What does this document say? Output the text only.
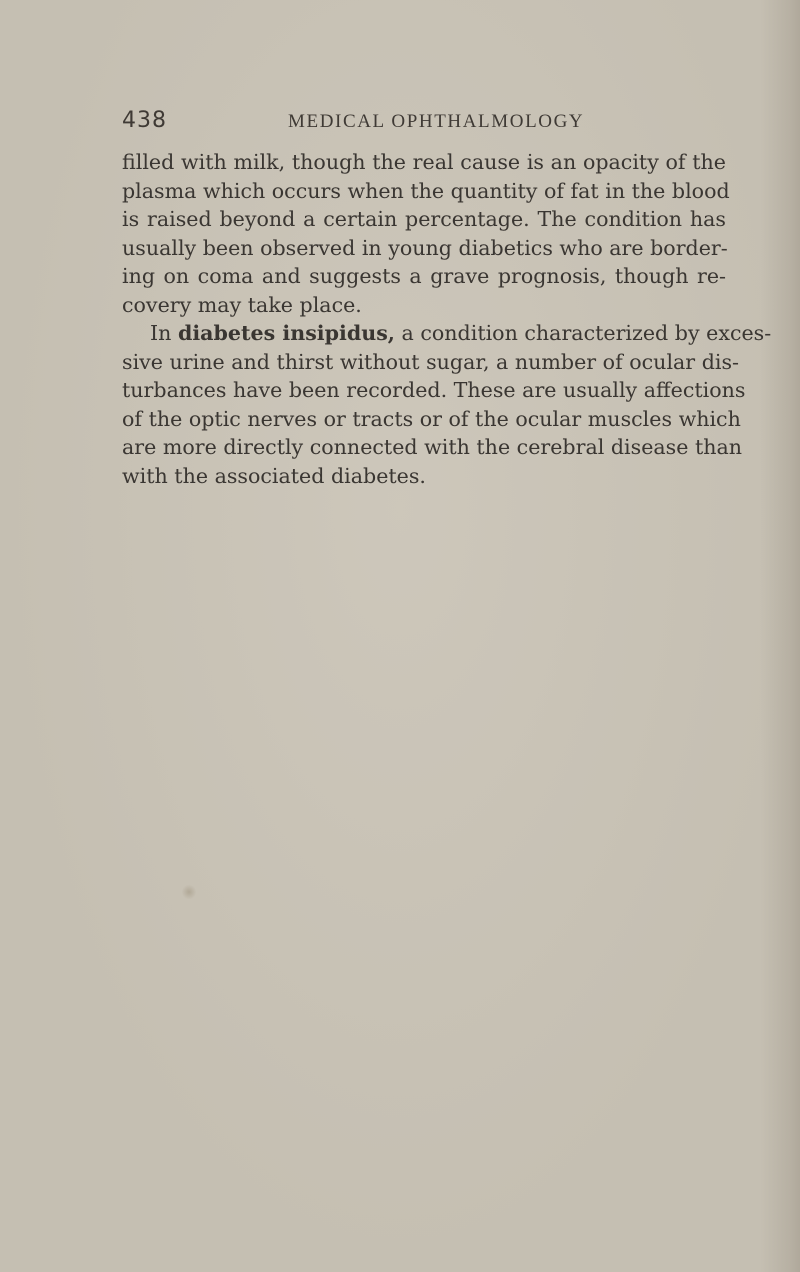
438	MEDICAL OPHTHALMOLOGY

filled with milk, though the real cause is an opacity of the
plasma which occurs when the quantity of fat in the blood
is raised beyond a certain percentage. The condition has
usually been observed in young diabetics who are border-
ing on coma and suggests a grave prognosis, though re-
covery may take place.

In diabetes insipidus, a condition characterized by exces-
sive urine and thirst without sugar, a number of ocular dis-
turbances have been recorded. These are usually affections
of the optic nerves or tracts or of the ocular muscles which
are more directly connected with the cerebral disease than
with the associated diabetes.
